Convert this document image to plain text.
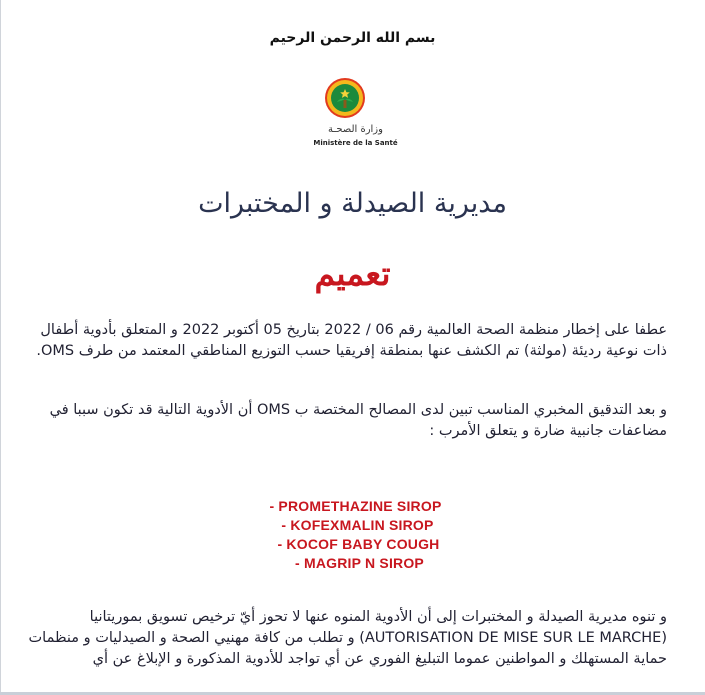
بسم الله الرحمن الرحيم
وزارة الصحـة
Ministère de la Santé
مديرية الصيدلة و المختبرات
تعميم
عطفا على إخطار منظمة الصحة العالمية رقم 06 / 2022 بتاريخ 05 أكتوبر 2022 و المتعلق بأدوية أطفال ذات نوعية رديئة (مولثة) تم الكشف عنها بمنطقة إفريقيا حسب التوزيع المناطقي المعتمد من طرف OMS.
و بعد التدقيق المخبري المناسب تبين لدى المصالح المختصة ب OMS أن الأدوية التالية قد تكون سببا في مضاعفات جانبية ضارة و يتعلق الأمرب :
- PROMETHAZINE SIROP
- KOFEXMALIN SIROP
- KOCOF BABY COUGH
- MAGRIP N SIROP
و تنوه مديرية الصيدلة و المختبرات إلى أن الأدوية المنوه عنها لا تحوز أيّ ترخيص تسويق بموريتانيا (AUTORISATION DE MISE SUR LE MARCHE) و تطلب من كافة مهنيي الصحة و الصيدليات و منظمات حماية المستهلك و المواطنين عموما التبليغ الفوري عن أي تواجد للأدوية المذكورة و الإبلاغ عن أي
